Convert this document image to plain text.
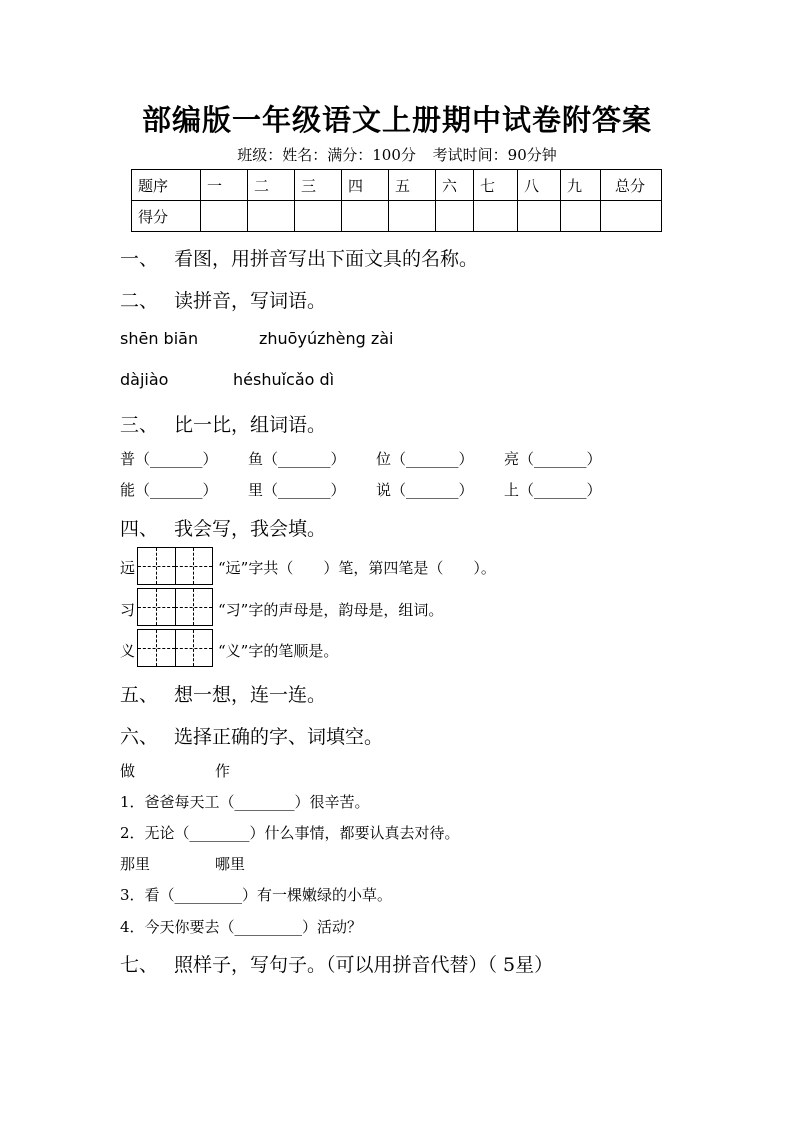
部编版一年级语文上册期中试卷附答案
班级：姓名：满分：100分 考试时间：90分钟
题序	一	二	三	四	五	六	七	八	九	总分
得分										
一、 看图，用拼音写出下面文具的名称。
二、 读拼音，写词语。
shēn biān	zhuōyúzhèng zài
dàjiào	héshuǐcǎo dì
三、 比一比，组词语。
普（_______） 鱼（_______） 位（_______） 亮（_______）
能（_______） 里（_______） 说（_______） 上（_______）
四、 我会写，我会填。
远	“远”字共（　　）笔，第四笔是（　　）。
习	“习”字的声母是，韵母是，组词。
义	“义”字的笔顺是。
五、 想一想，连一连。
六、 选择正确的字、词填空。
做	作
1．爸爸每天工（________）很辛苦。
2．无论（________）什么事情，都要认真去对待。
那里	哪里
3．看（_________）有一棵嫩绿的小草。
4．今天你要去（_________）活动？
七、 照样子，写句子。（可以用拼音代替）（ 5星）
